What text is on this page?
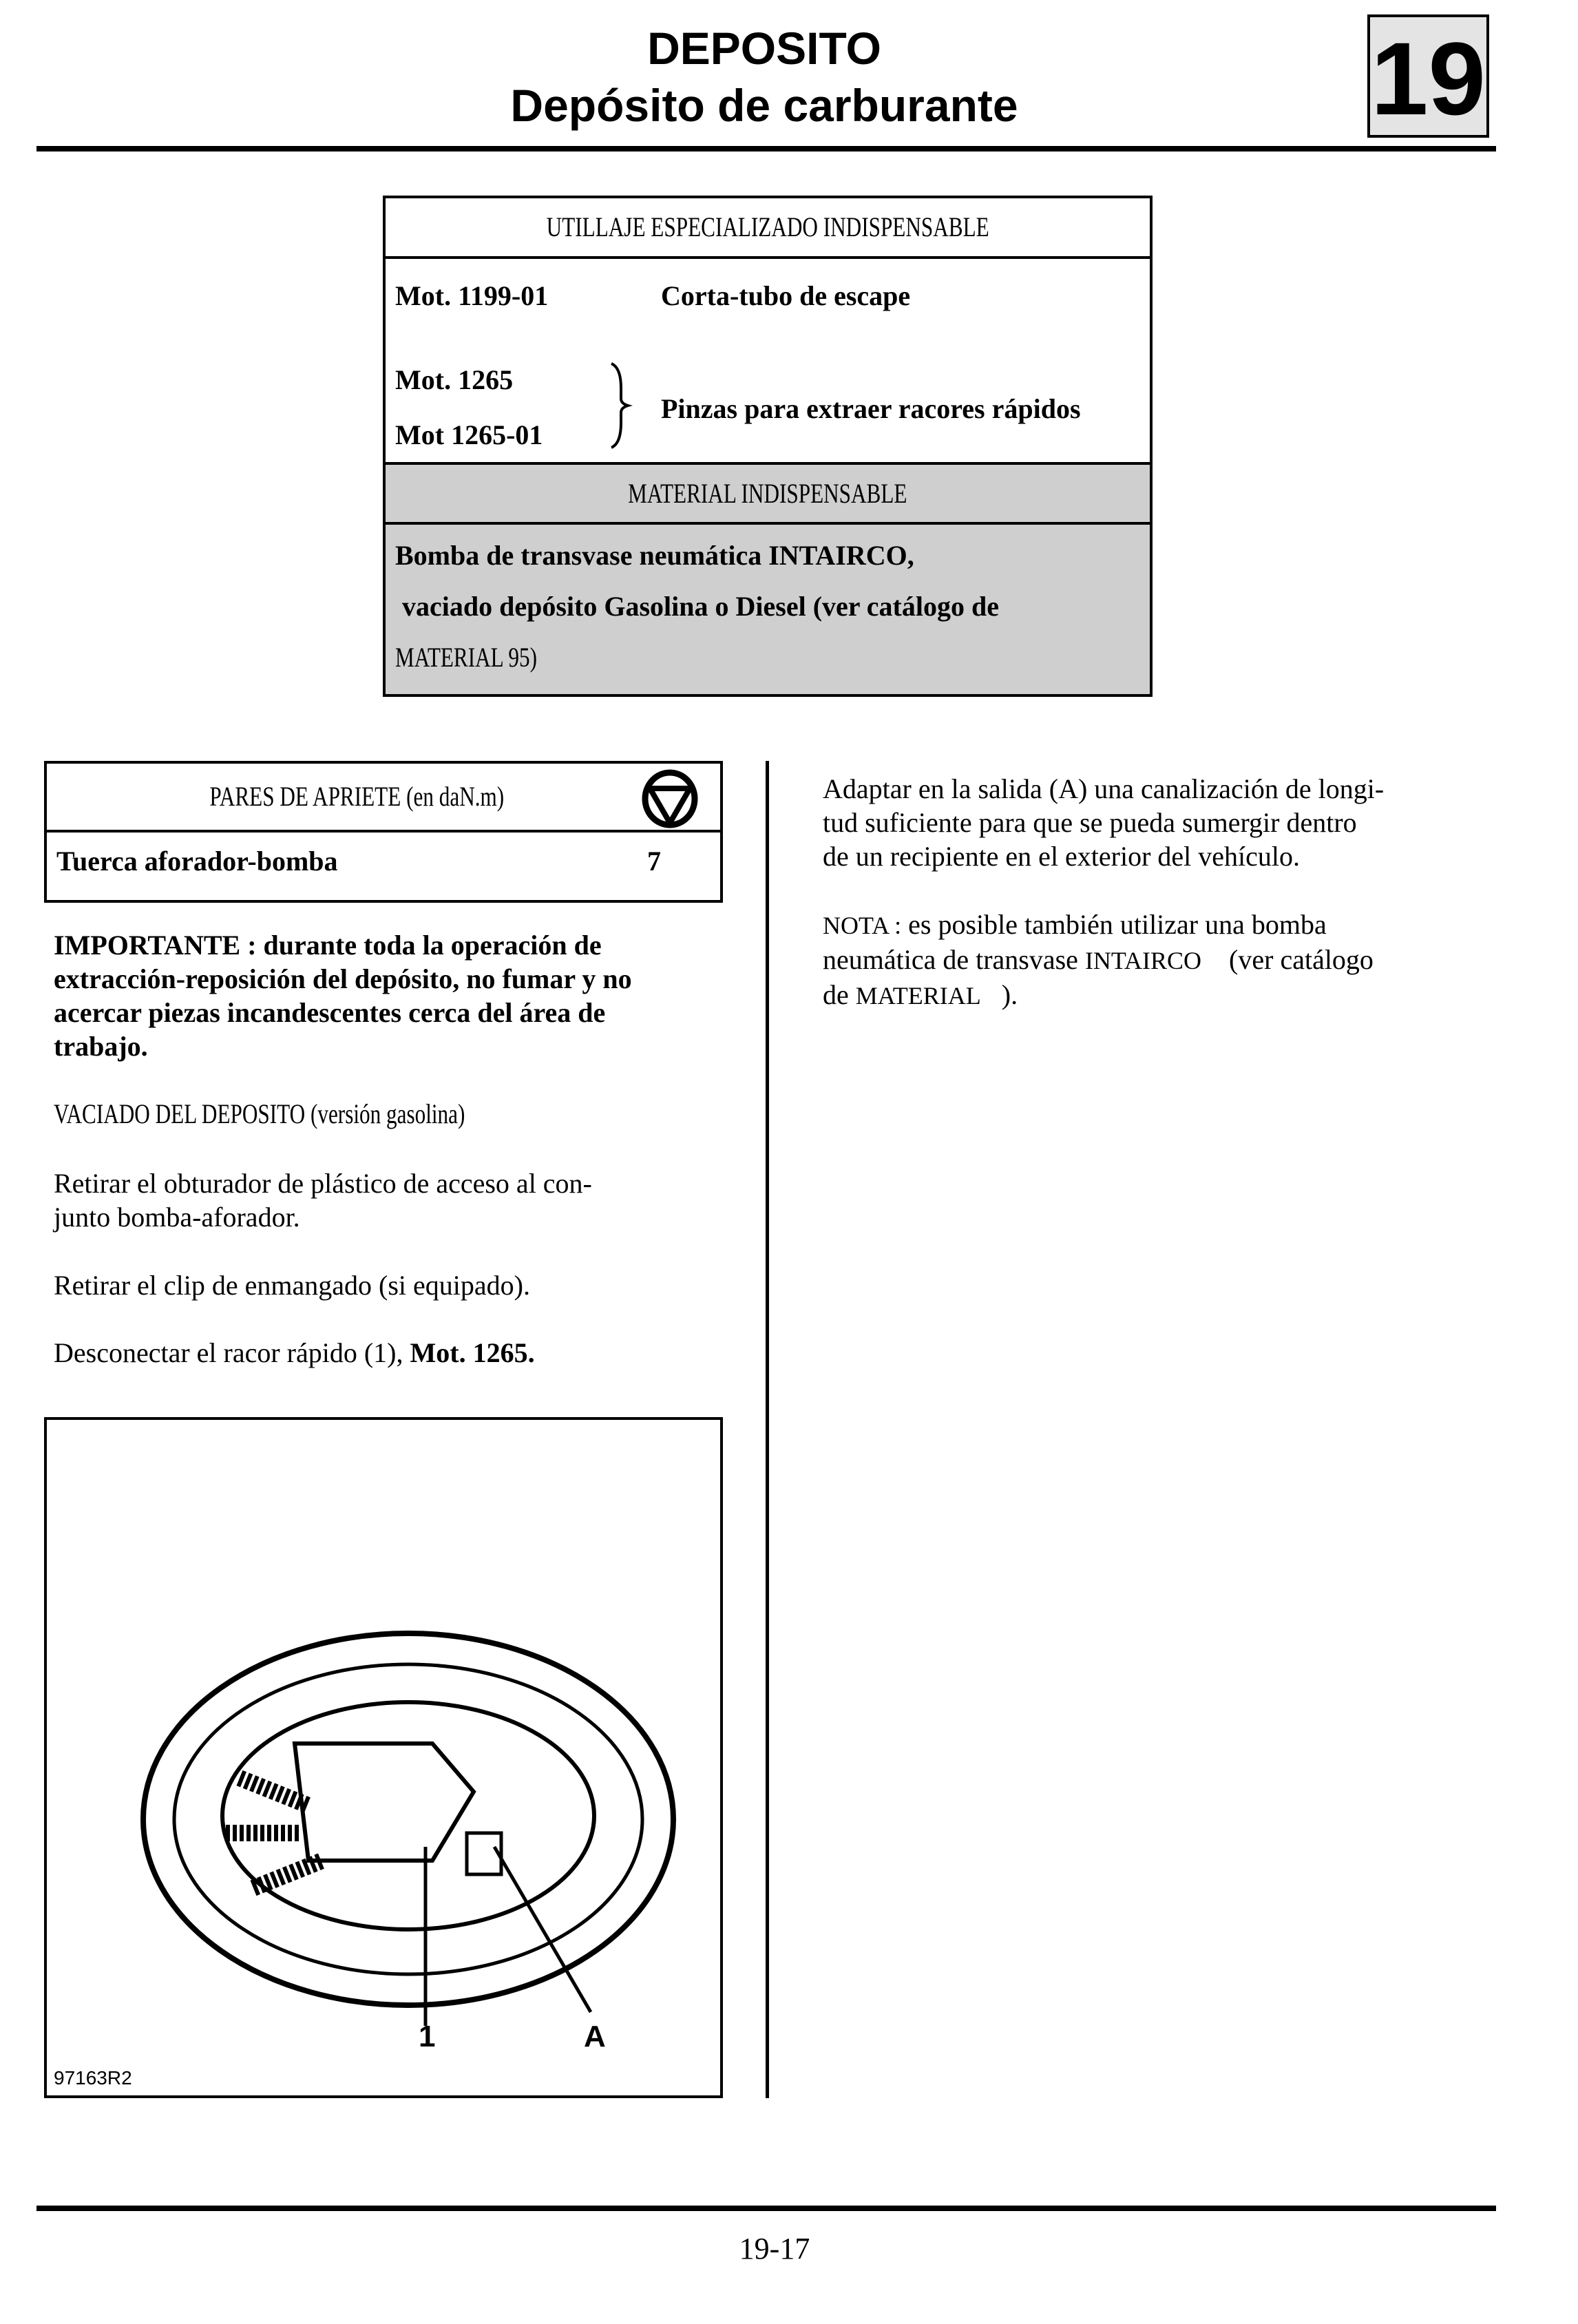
DEPOSITO
Depósito de carburante	19
UTILLAJE ESPECIALIZADO INDISPENSABLE
Mot. 1199-01	Corta-tubo de escape
Mot. 1265
Mot 1265-01
Pinzas para extraer racores rápidos
MATERIAL INDISPENSABLE
Bomba de transvase neumática INTAIRCO,
vaciado depósito Gasolina o Diesel (ver catálogo de
MATERIAL 95)
PARES DE APRIETE (en daN.m)
Tuerca aforador-bomba	7
IMPORTANTE : durante toda la operación de
extracción-reposición del depósito, no fumar y no
acercar piezas incandescentes cerca del área de
trabajo.
VACIADO DEL DEPOSITO (versión gasolina)
Retirar el obturador de plástico de acceso al con-
junto bomba-aforador.
Retirar el clip de enmangado (si equipado).
Desconectar el racor rápido (1), Mot. 1265.
1	A
97163R2
Adaptar en la salida (A) una canalización de longi-
tud suficiente para que se pueda sumergir dentro
de un recipiente en el exterior del vehículo.
NOTA : es posible también utilizar una bomba
neumática de transvase INTAIRCO    (ver catálogo
de MATERIAL   ).
19-17
